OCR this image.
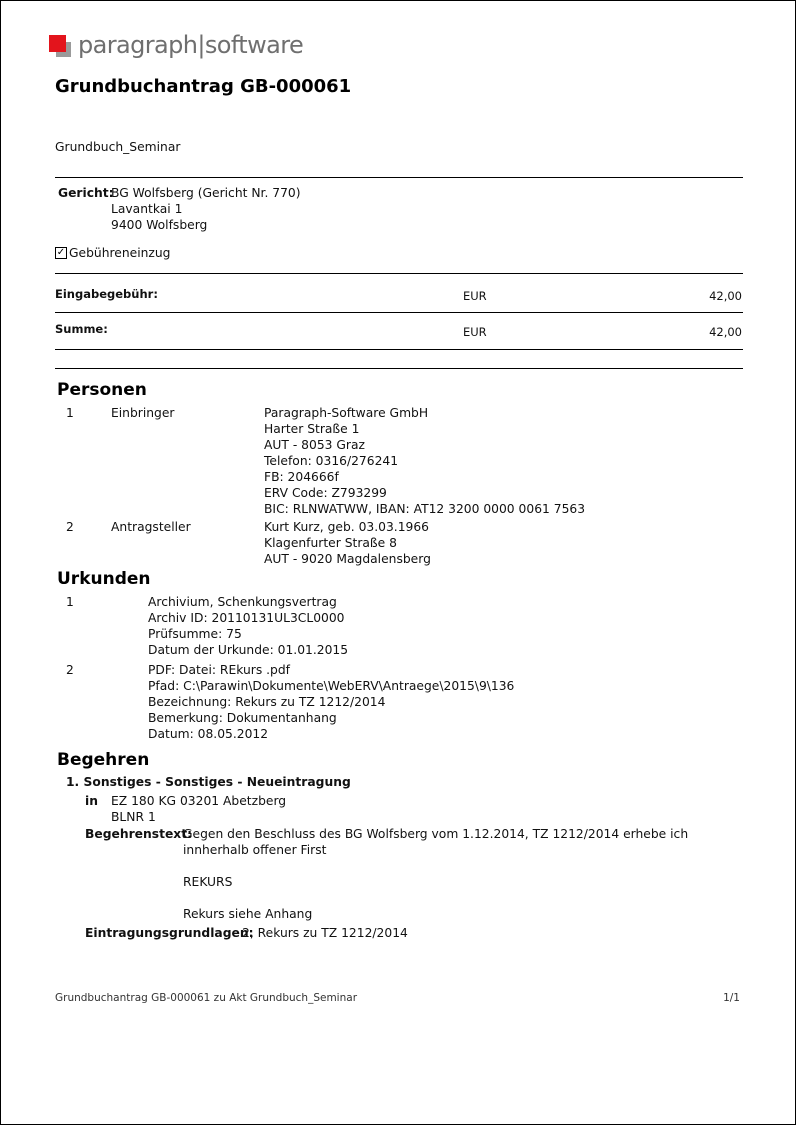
paragraph|software
Grundbuchantrag GB-000061
Grundbuch_Seminar
Gericht:
BG Wolfsberg (Gericht Nr. 770)
Lavantkai 1
9400 Wolfsberg
✓ Gebühreneinzug
Eingabegebühr:	EUR	42,00
Summe:	EUR	42,00
Personen
1	Einbringer	Paragraph-Software GmbH
Harter Straße 1
AUT - 8053 Graz
Telefon: 0316/276241
FB: 204666f
ERV Code: Z793299
BIC: RLNWATWW, IBAN: AT12 3200 0000 0061 7563
2	Antragsteller	Kurt Kurz, geb. 03.03.1966
Klagenfurter Straße 8
AUT - 9020 Magdalensberg
Urkunden
1	Archivium, Schenkungsvertrag
Archiv ID: 20110131UL3CL0000
Prüfsumme: 75
Datum der Urkunde: 01.01.2015
2	PDF: Datei: REkurs .pdf
Pfad: C:\Parawin\Dokumente\WebERV\Antraege\2015\9\136
Bezeichnung: Rekurs zu TZ 1212/2014
Bemerkung: Dokumentanhang
Datum: 08.05.2012
Begehren
1. Sonstiges - Sonstiges - Neueintragung
in EZ 180 KG 03201 Abetzberg
BLNR 1
Begehrenstext:
Gegen den Beschluss des BG Wolfsberg vom 1.12.2014, TZ 1212/2014 erhebe ich
innherhalb offener First
REKURS
Rekurs siehe Anhang
Eintragungsgrundlagen:
2, Rekurs zu TZ 1212/2014
Grundbuchantrag GB-000061 zu Akt Grundbuch_Seminar	1/1
